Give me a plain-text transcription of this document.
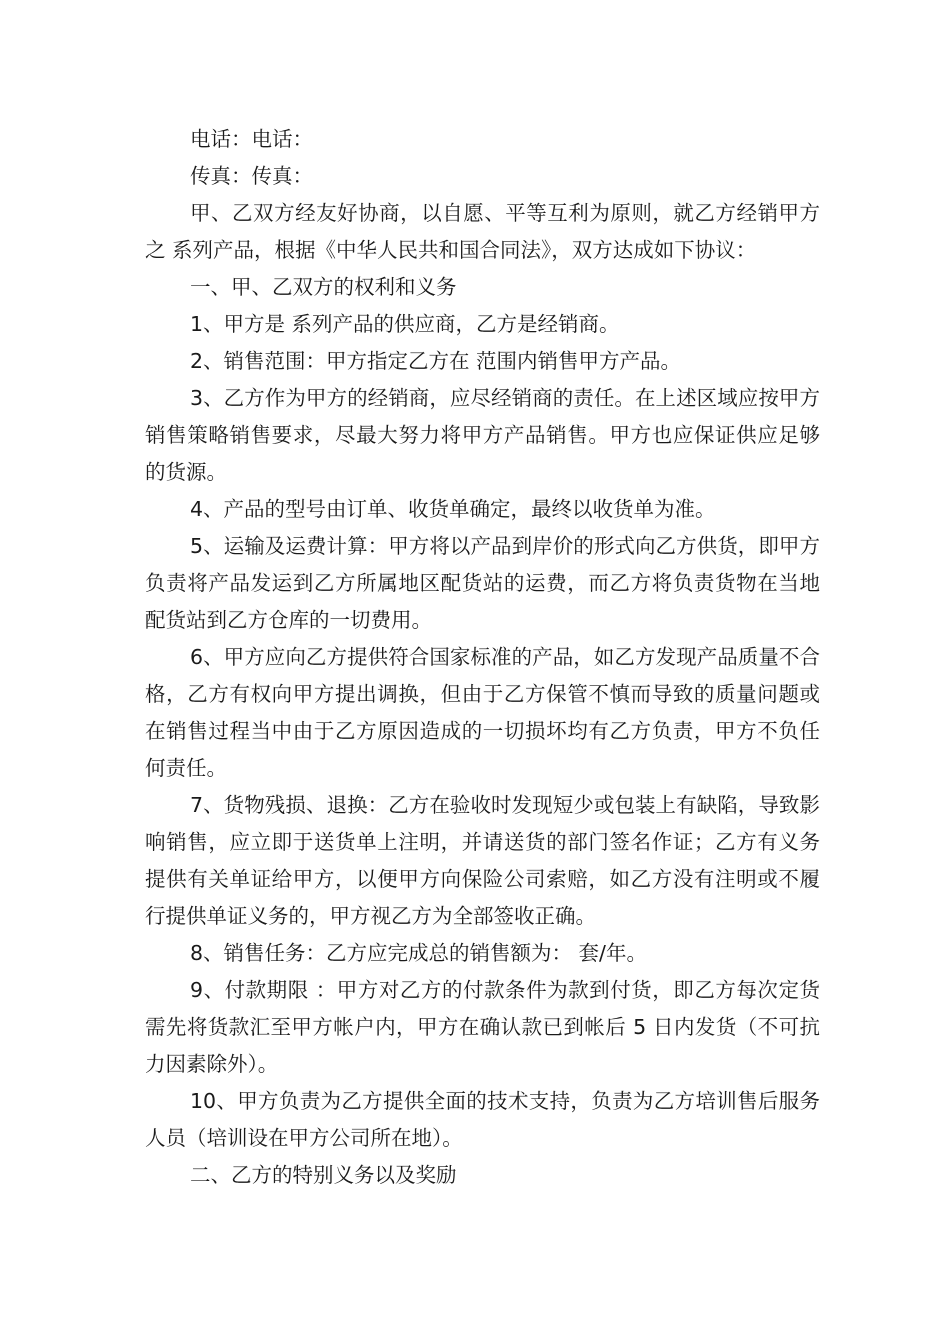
电话：电话：

传真：传真：

甲、乙双方经友好协商，以自愿、平等互利为原则，就乙方经销甲方之 系列产品，根据《中华人民共和国合同法》，双方达成如下协议：

一、甲、乙双方的权利和义务

1、甲方是 系列产品的供应商，乙方是经销商。

2、销售范围：甲方指定乙方在 范围内销售甲方产品。

3、乙方作为甲方的经销商，应尽经销商的责任。在上述区域应按甲方销售策略销售要求，尽最大努力将甲方产品销售。甲方也应保证供应足够的货源。

4、产品的型号由订单、收货单确定，最终以收货单为准。

5、运输及运费计算：甲方将以产品到岸价的形式向乙方供货，即甲方负责将产品发运到乙方所属地区配货站的运费，而乙方将负责货物在当地配货站到乙方仓库的一切费用。

6、甲方应向乙方提供符合国家标准的产品，如乙方发现产品质量不合格，乙方有权向甲方提出调换，但由于乙方保管不慎而导致的质量问题或在销售过程当中由于乙方原因造成的一切损坏均有乙方负责，甲方不负任何责任。

7、货物残损、退换：乙方在验收时发现短少或包装上有缺陷，导致影响销售，应立即于送货单上注明，并请送货的部门签名作证；乙方有义务提供有关单证给甲方，以便甲方向保险公司索赔，如乙方没有注明或不履行提供单证义务的，甲方视乙方为全部签收正确。

8、销售任务：乙方应完成总的销售额为： 套/年。

9、付款期限 ：甲方对乙方的付款条件为款到付货，即乙方每次定货需先将货款汇至甲方帐户内，甲方在确认款已到帐后 5 日内发货（不可抗力因素除外）。

10、甲方负责为乙方提供全面的技术支持，负责为乙方培训售后服务人员（培训设在甲方公司所在地）。

二、乙方的特别义务以及奖励
